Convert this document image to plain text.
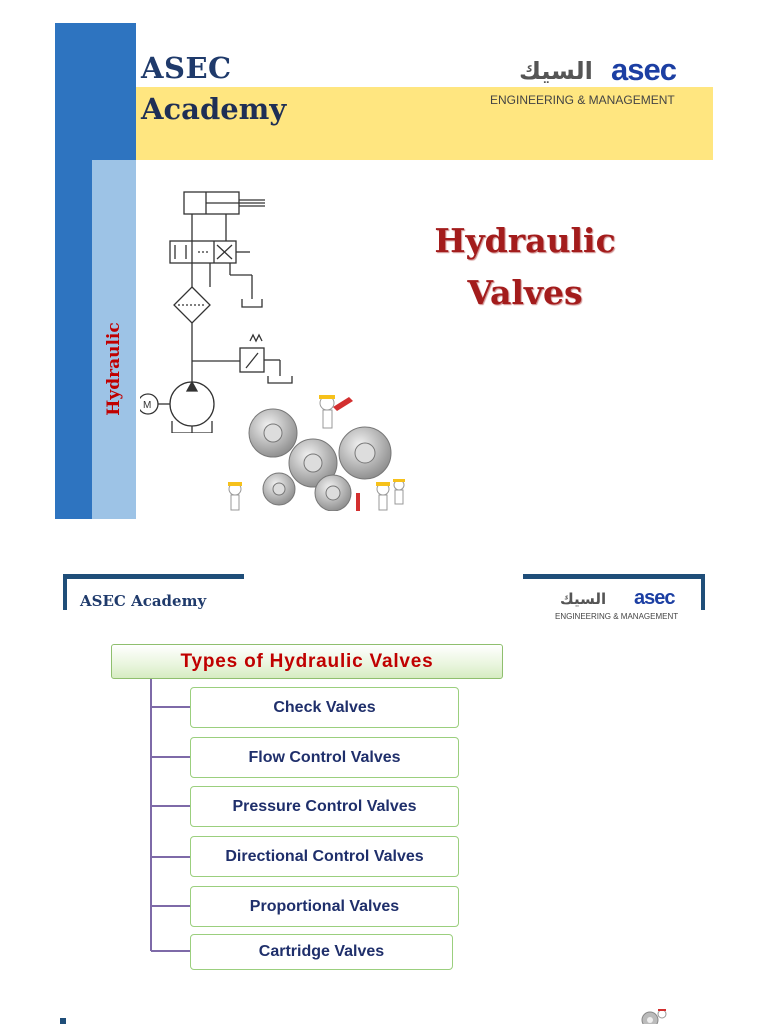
ASEC
Academy
السيك asec
ENGINEERING & MANAGEMENT
Hydraulic M
Hydraulic
Valves
ASEC Academy	السيك asec
ENGINEERING & MANAGEMENT
Types of Hydraulic Valves
Check Valves
Flow Control Valves
Pressure Control Valves
Directional Control Valves
Proportional Valves
Cartridge Valves
